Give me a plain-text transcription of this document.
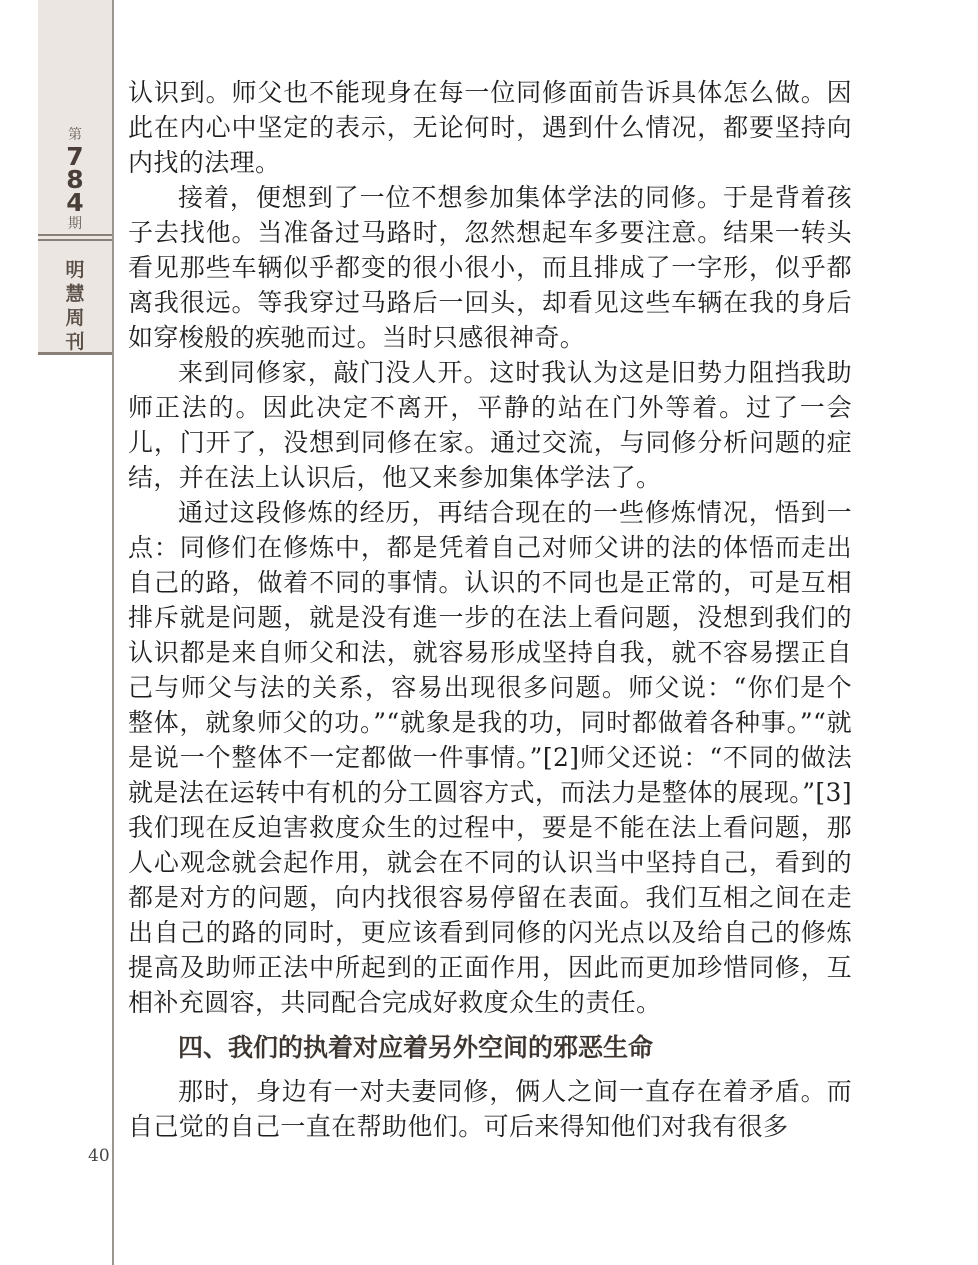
第
7
8
4
期
明
慧
周
刊
40

认识到。师父也不能现身在每一位同修面前告诉具体怎么做。因此在内心中坚定的表示，无论何时，遇到什么情况，都要坚持向内找的法理。

接着，便想到了一位不想参加集体学法的同修。于是背着孩子去找他。当准备过马路时，忽然想起车多要注意。结果一转头看见那些车辆似乎都变的很小很小，而且排成了一字形，似乎都离我很远。等我穿过马路后一回头，却看见这些车辆在我的身后如穿梭般的疾驰而过。当时只感很神奇。

来到同修家，敲门没人开。这时我认为这是旧势力阻挡我助师正法的。因此决定不离开，平静的站在门外等着。过了一会儿，门开了，没想到同修在家。通过交流，与同修分析问题的症结，并在法上认识后，他又来参加集体学法了。

通过这段修炼的经历，再结合现在的一些修炼情况，悟到一点：同修们在修炼中，都是凭着自己对师父讲的法的体悟而走出自己的路，做着不同的事情。认识的不同也是正常的，可是互相排斥就是问题，就是没有進一步的在法上看问题，没想到我们的认识都是来自师父和法，就容易形成坚持自我，就不容易摆正自己与师父与法的关系，容易出现很多问题。师父说：“你们是个整体，就象师父的功。”“就象是我的功，同时都做着各种事。”“就是说一个整体不一定都做一件事情。”[2]师父还说：“不同的做法就是法在运转中有机的分工圆容方式，而法力是整体的展现。”[3] 我们现在反迫害救度众生的过程中，要是不能在法上看问题，那人心观念就会起作用，就会在不同的认识当中坚持自己，看到的都是对方的问题，向内找很容易停留在表面。我们互相之间在走出自己的路的同时，更应该看到同修的闪光点以及给自己的修炼提高及助师正法中所起到的正面作用，因此而更加珍惜同修，互相补充圆容，共同配合完成好救度众生的责任。

四、我们的执着对应着另外空间的邪恶生命

那时，身边有一对夫妻同修，俩人之间一直存在着矛盾。而自己觉的自己一直在帮助他们。可后来得知他们对我有很多
